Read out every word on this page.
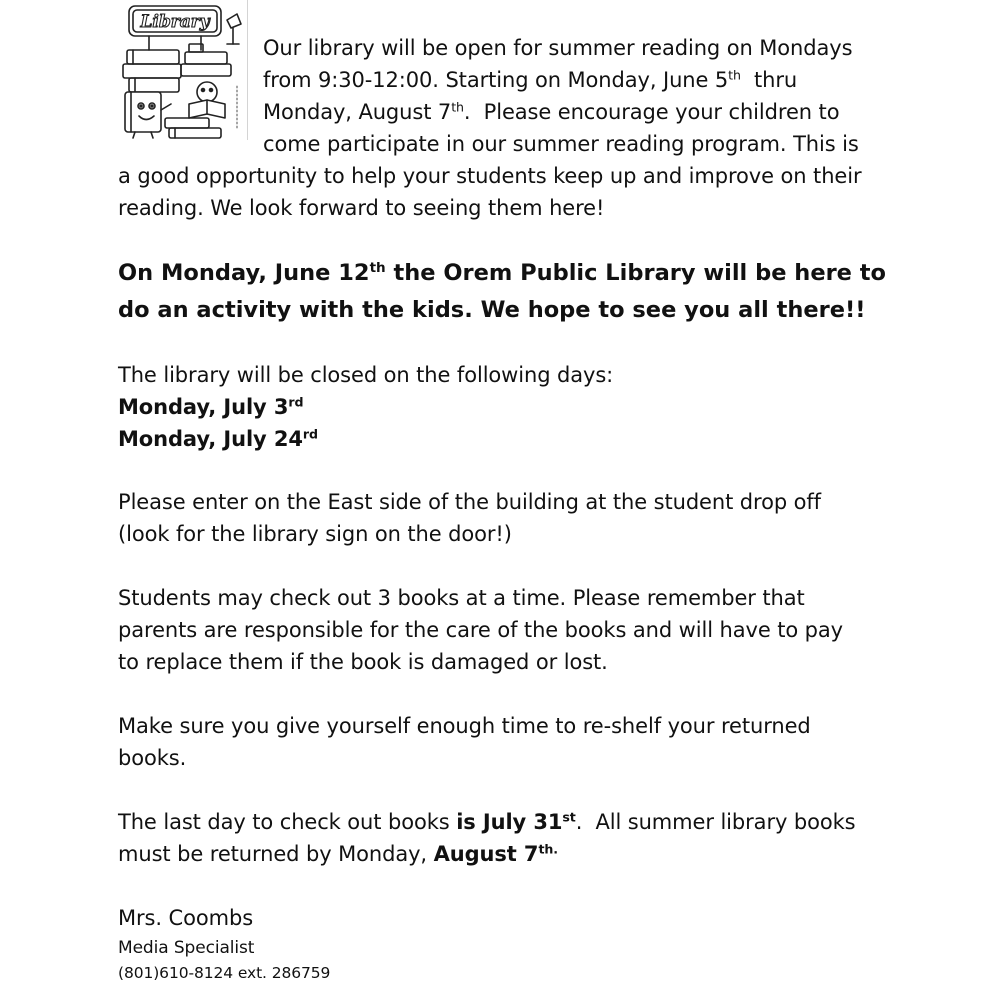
Library
Our library will be open for summer reading on Mondays
from 9:30-12:00. Starting on Monday, June 5th  thru
Monday, August 7th.  Please encourage your children to
come participate in our summer reading program. This is
a good opportunity to help your students keep up and improve on their
reading. We look forward to seeing them here!
On Monday, June 12th the Orem Public Library will be here to
do an activity with the kids. We hope to see you all there!!
The library will be closed on the following days:
Monday, July 3rd
Monday, July 24rd
Please enter on the East side of the building at the student drop off
(look for the library sign on the door!)
Students may check out 3 books at a time. Please remember that
parents are responsible for the care of the books and will have to pay
to replace them if the book is damaged or lost.
Make sure you give yourself enough time to re-shelf your returned
books.
The last day to check out books is July 31st.  All summer library books
must be returned by Monday, August $7^{th.}$
Mrs. Coombs
Media Specialist
(801)610-8124 ext. 286759
